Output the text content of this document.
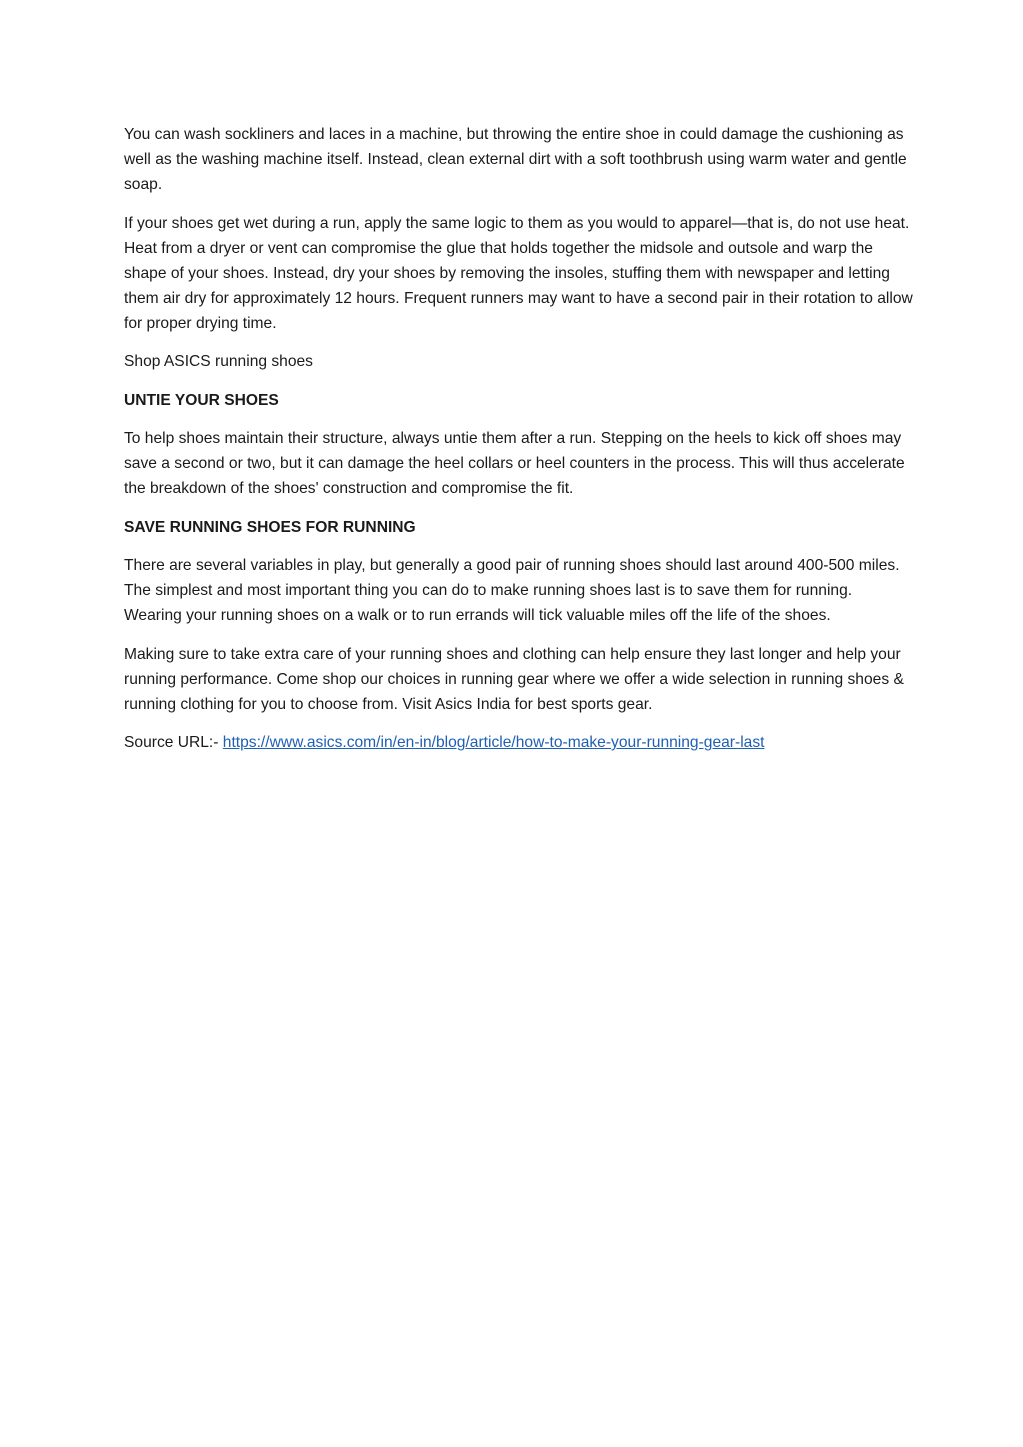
You can wash sockliners and laces in a machine, but throwing the entire shoe in could damage the cushioning as well as the washing machine itself. Instead, clean external dirt with a soft toothbrush using warm water and gentle soap.

If your shoes get wet during a run, apply the same logic to them as you would to apparel—that is, do not use heat. Heat from a dryer or vent can compromise the glue that holds together the midsole and outsole and warp the shape of your shoes. Instead, dry your shoes by removing the insoles, stuffing them with newspaper and letting them air dry for approximately 12 hours. Frequent runners may want to have a second pair in their rotation to allow for proper drying time.

Shop ASICS running shoes

UNTIE YOUR SHOES

To help shoes maintain their structure, always untie them after a run. Stepping on the heels to kick off shoes may save a second or two, but it can damage the heel collars or heel counters in the process. This will thus accelerate the breakdown of the shoes' construction and compromise the fit.

SAVE RUNNING SHOES FOR RUNNING

There are several variables in play, but generally a good pair of running shoes should last around 400-500 miles. The simplest and most important thing you can do to make running shoes last is to save them for running. Wearing your running shoes on a walk or to run errands will tick valuable miles off the life of the shoes.

Making sure to take extra care of your running shoes and clothing can help ensure they last longer and help your running performance. Come shop our choices in running gear where we offer a wide selection in running shoes & running clothing for you to choose from. Visit Asics India for best sports gear.

Source URL:- https://www.asics.com/in/en-in/blog/article/how-to-make-your-running-gear-last
